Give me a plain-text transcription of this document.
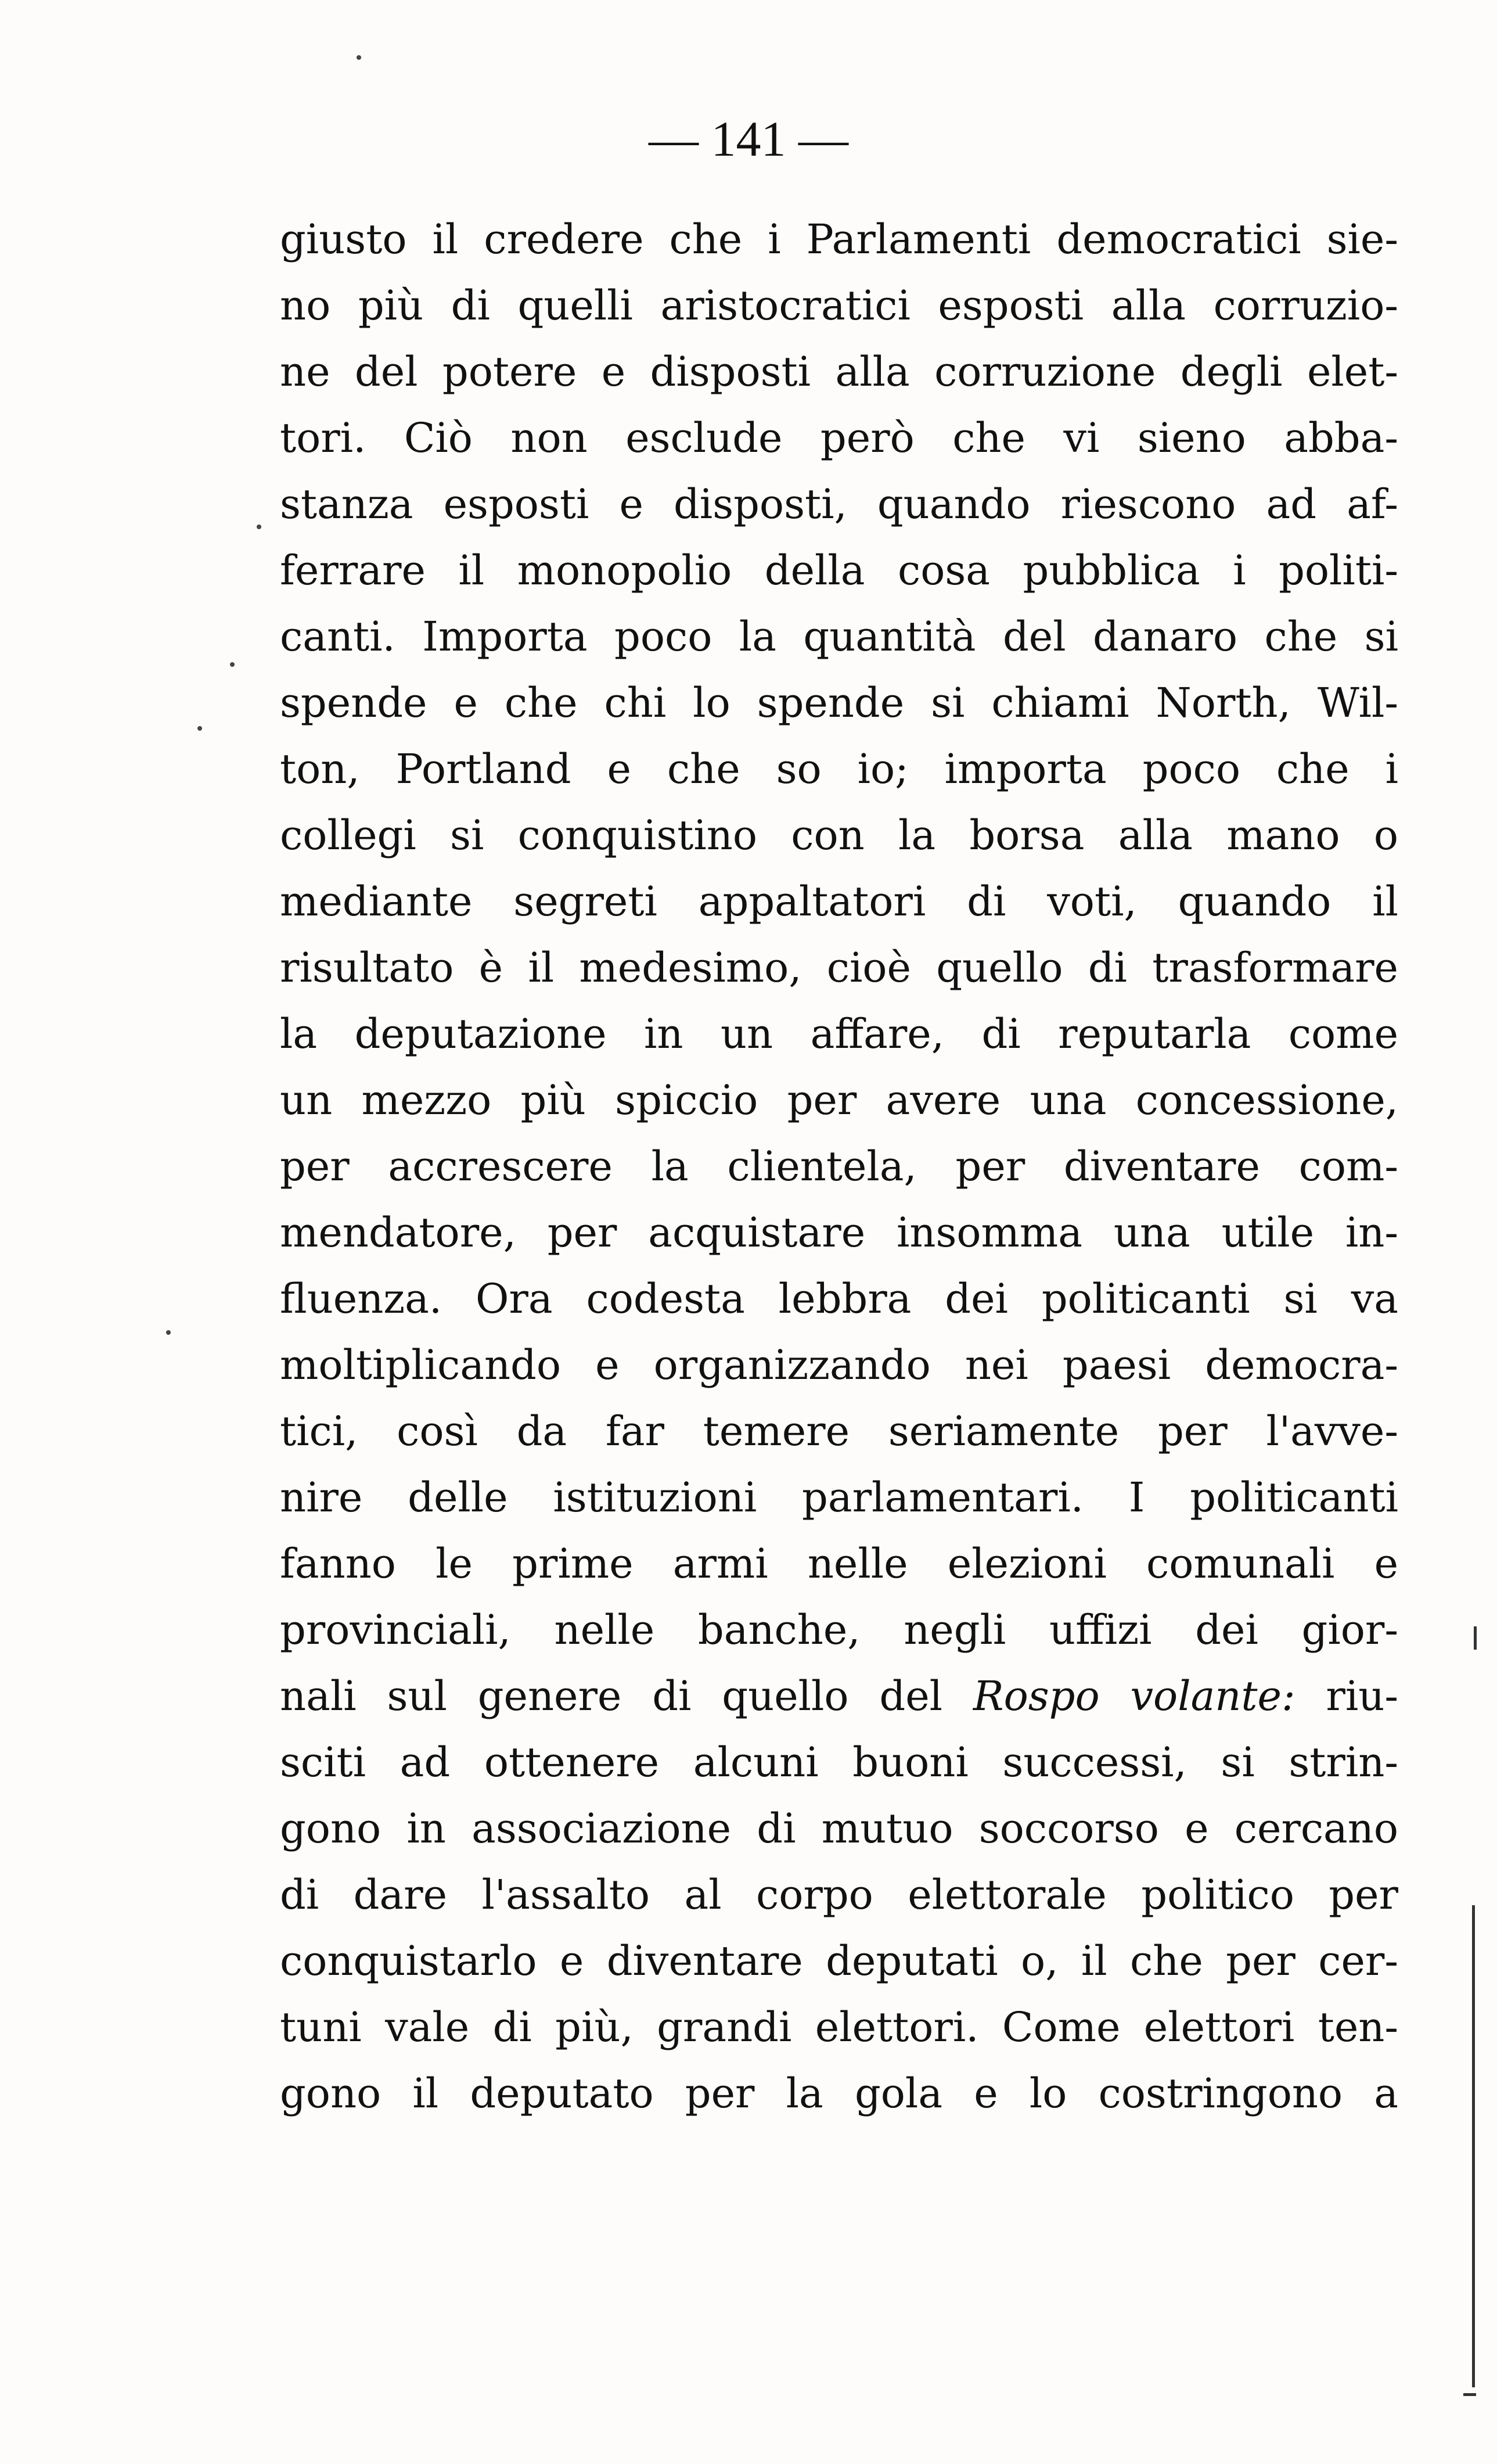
— 141 —
giusto il credere che i Parlamenti democratici sie-
no più di quelli aristocratici esposti alla corruzio-
ne del potere e disposti alla corruzione degli elet-
tori. Ciò non esclude però che vi sieno abba-
stanza esposti e disposti, quando riescono ad af-
ferrare il monopolio della cosa pubblica i politi-
canti. Importa poco la quantità del danaro che si
spende e che chi lo spende si chiami North, Wil-
ton, Portland e che so io; importa poco che i
collegi si conquistino con la borsa alla mano o
mediante segreti appaltatori di voti, quando il
risultato è il medesimo, cioè quello di trasformare
la deputazione in un affare, di reputarla come
un mezzo più spiccio per avere una concessione,
per accrescere la clientela, per diventare com-
mendatore, per acquistare insomma una utile in-
fluenza. Ora codesta lebbra dei politicanti si va
moltiplicando e organizzando nei paesi democra-
tici, così da far temere seriamente per l'avve-
nire delle istituzioni parlamentari. I politicanti
fanno le prime armi nelle elezioni comunali e
provinciali, nelle banche, negli uffizi dei gior-
nali sul genere di quello del Rospo volante: riu-
sciti ad ottenere alcuni buoni successi, si strin-
gono in associazione di mutuo soccorso e cercano
di dare l'assalto al corpo elettorale politico per
conquistarlo e diventare deputati o, il che per cer-
tuni vale di più, grandi elettori. Come elettori ten-
gono il deputato per la gola e lo costringono a
